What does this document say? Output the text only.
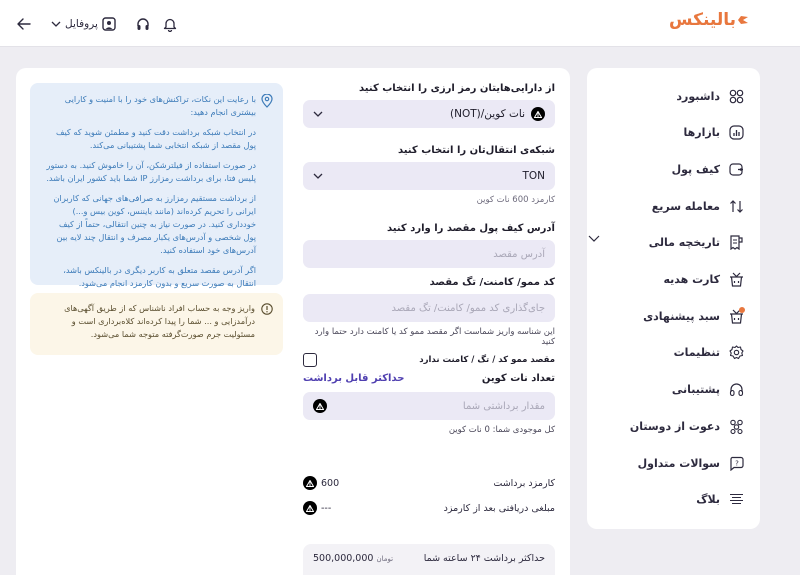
بالینکس
پروفایل
داشبورد
بازارها
کیف پول
معامله سریع
تاریخچه مالی
کارت هدیه
سبد پیشنهادی
تنظیمات
پشتیبانی
دعوت از دوستان
?
سوالات متداول
بلاگ
از دارایی‌هایتان رمز ارزی را انتخاب کنید
نات کوین/(NOT)
شبکه‌ی انتقال‌تان را انتخاب کنید
TON
کارمزد 600 نات کوین
آدرس کیف پول مقصد را وارد کنید
آدرس مقصد
کد ممو/ کامنت/ تگ مقصد
جای‌گذاری کد ممو/ کامنت/ تگ مقصد
این شناسه واریز شماست اگر مقصد ممو کد یا کامنت دارد حتما وارد کنید
مقصد ممو کد / تگ / کامنت ندارد
تعداد نات کوین
حداکثر قابل برداشت
مقدار برداشتی شما
کل موجودی شما: 0 نات کوین
کارمزد برداشت
600
مبلغی دریافتی بعد از کارمزد
---
حداکثر برداشت ۲۴ ساعته شما
500,000,000 تومان

با رعایت این نکات، تراکنش‌های خود را با امنیت و کارایی بیشتری انجام دهید:

در انتخاب شبکه برداشت دقت کنید و مطمئن شوید که کیف پول مقصد از شبکه انتخابی شما پشتیبانی می‌کند.

در صورت استفاده از فیلترشکن، آن را خاموش کنید. به دستور پلیس فتا، برای برداشت رمزارز IP شما باید کشور ایران باشد.

از برداشت مستقیم رمزارز به صرافی‌های جهانی که کاربران ایرانی را تحریم کرده‌اند (مانند بایننس، کوین بیس و...) خودداری کنید. در صورت نیاز به چنین انتقالی، حتماً از کیف پول شخصی و آدرس‌های یکبار مصرف و انتقال چند لایه بین آدرس‌های خود استفاده کنید.

اگر آدرس مقصد متعلق به کاربر دیگری در بالینکس باشد، انتقال به صورت سریع و بدون کارمزد انجام می‌شود.

واریز وجه به حساب افراد ناشناس که از طریق آگهی‌های درآمدزایی و ... شما را پیدا کرده‌اند کلاه‌برداری است و مسئولیت جرم صورت‌گرفته متوجه شما می‌شود.
